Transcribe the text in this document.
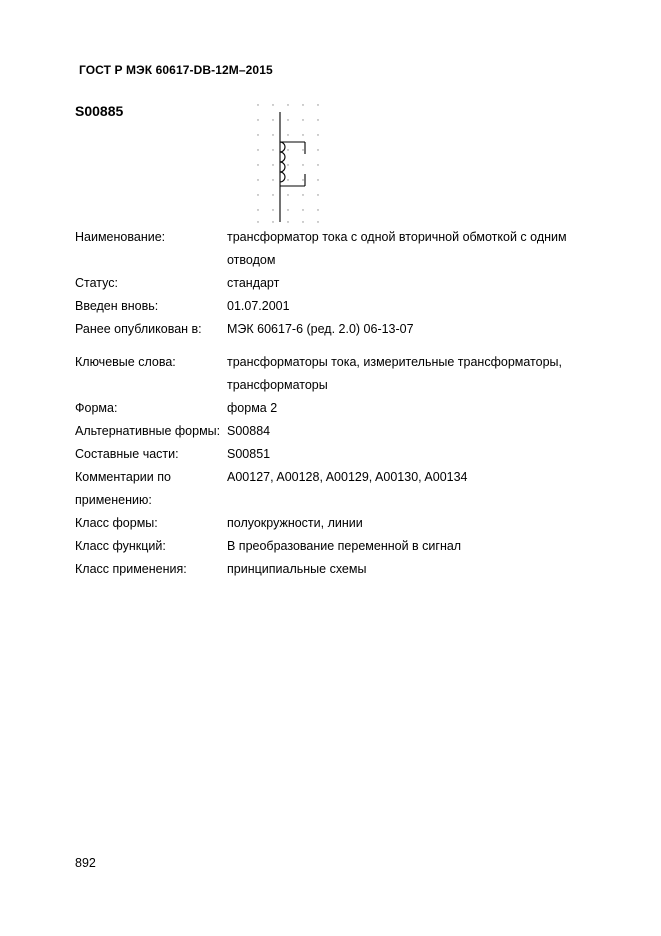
ГОСТ Р МЭК 60617-DB-12M–2015
S00885
Наименование:	трансформатор тока с одной вторичной обмоткой с одним отводом
Статус:	стандарт
Введен вновь:	01.07.2001
Ранее опубликован в:	МЭК 60617-6 (ред. 2.0) 06-13-07
Ключевые слова:	трансформаторы тока, измерительные трансформаторы, трансформаторы
Форма:	форма 2
Альтернативные формы: S00884
Составные части:	S00851
Комментарии по применению:
A00127, A00128, A00129, A00130, A00134
Класс формы:	полуокружности, линии
Класс функций:	В преобразование переменной в сигнал
Класс применения:	принципиальные схемы
892
